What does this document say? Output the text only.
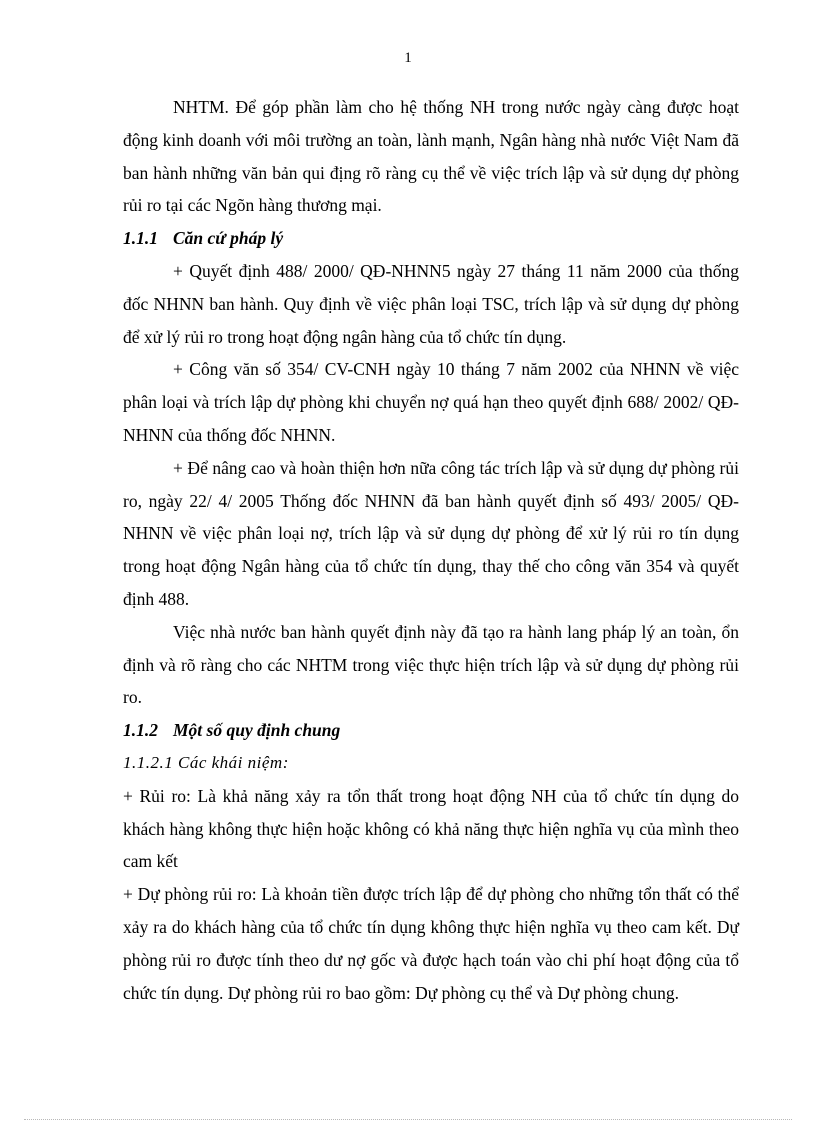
1

NHTM. Để góp phần làm cho hệ thống NH trong nước ngày càng được hoạt động kinh doanh với môi trường an toàn, lành mạnh, Ngân hàng nhà nước Việt Nam đã ban hành những văn bản qui địng rõ ràng cụ thể về việc trích lập và sử dụng dự phòng rủi ro tại các Ngõn hàng thương mại.

1.1.1 Căn cứ pháp lý

+ Quyết định 488/ 2000/ QĐ-NHNN5 ngày 27 tháng 11 năm 2000 của thống đốc NHNN ban hành. Quy định về việc phân loại TSC, trích lập và sử dụng dự phòng để xử lý rủi ro trong hoạt động ngân hàng của tổ chức tín dụng.

+ Công văn số 354/ CV-CNH ngày 10 tháng 7 năm 2002 của NHNN về việc phân loại và trích lập dự phòng khi chuyển nợ quá hạn theo quyết định 688/ 2002/ QĐ-NHNN của thống đốc NHNN.

+ Để nâng cao và hoàn thiện hơn nữa công tác trích lập và sử dụng dự phòng rủi ro, ngày 22/ 4/ 2005 Thống đốc NHNN đã ban hành quyết định số 493/ 2005/ QĐ-NHNN về việc phân loại nợ, trích lập và sử dụng dự phòng để xử lý rủi ro tín dụng trong hoạt động Ngân hàng của tổ chức tín dụng, thay thế cho công văn 354 và quyết định 488.

Việc nhà nước ban hành quyết định này đã tạo ra hành lang pháp lý an toàn, ổn định và rõ ràng cho các NHTM trong việc thực hiện trích lập và sử dụng dự phòng rủi ro.

1.1.2 Một số quy định chung

1.1.2.1 Các khái niệm:

+ Rủi ro: Là khả năng xảy ra tổn thất trong hoạt động NH của tổ chức tín dụng do khách hàng không thực hiện hoặc không có khả năng thực hiện nghĩa vụ của mình theo cam kết

+ Dự phòng rủi ro: Là khoản tiền được trích lập để dự phòng cho những tổn thất có thể xảy ra do khách hàng của tổ chức tín dụng không thực hiện nghĩa vụ theo cam kết. Dự phòng rủi ro được tính theo dư nợ gốc và được hạch toán vào chi phí hoạt động của tổ chức tín dụng. Dự phòng rủi ro bao gồm: Dự phòng cụ thể và Dự phòng chung.
